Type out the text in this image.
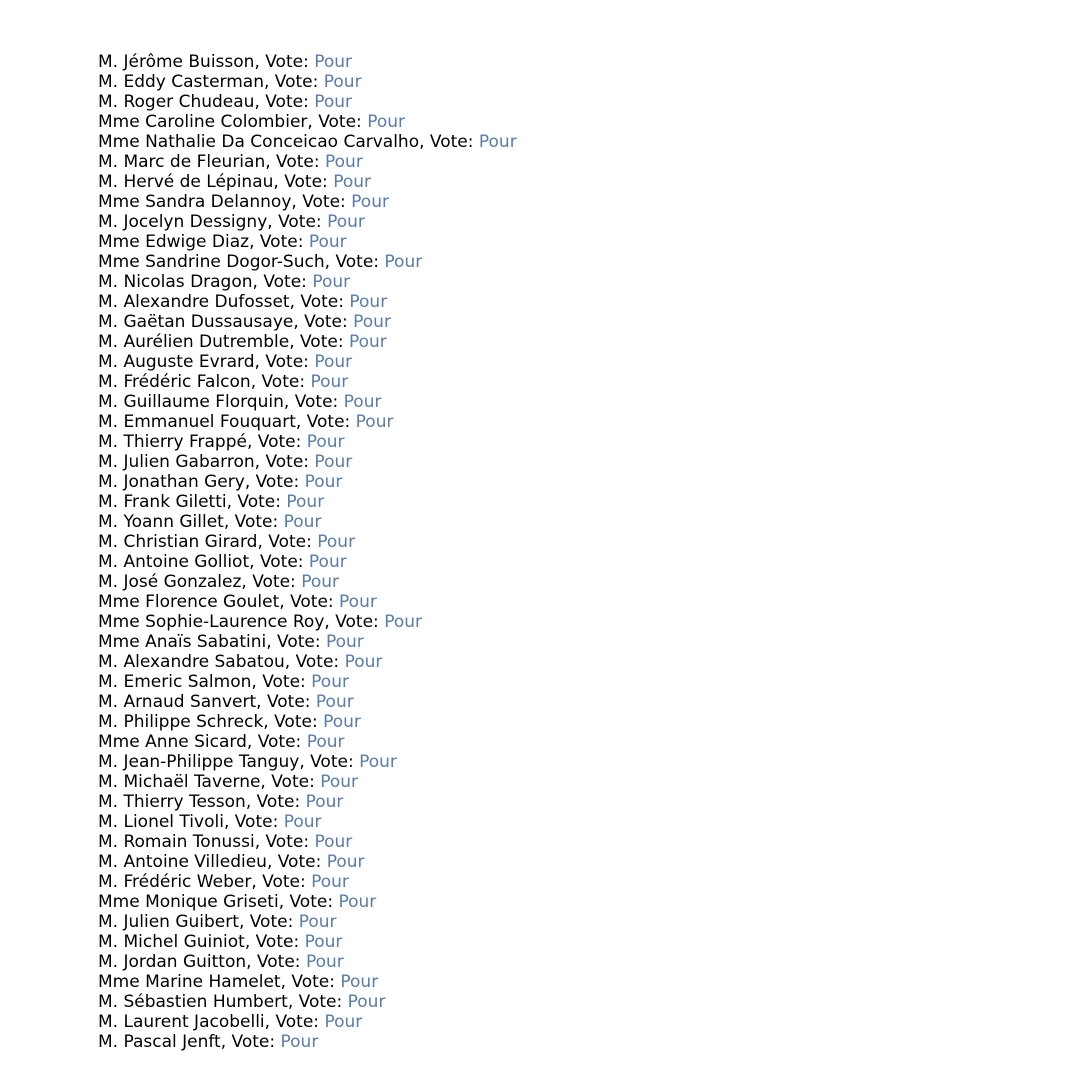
M. Jérôme Buisson, Vote: Pour
M. Eddy Casterman, Vote: Pour
M. Roger Chudeau, Vote: Pour
Mme Caroline Colombier, Vote: Pour
Mme Nathalie Da Conceicao Carvalho, Vote: Pour
M. Marc de Fleurian, Vote: Pour
M. Hervé de Lépinau, Vote: Pour
Mme Sandra Delannoy, Vote: Pour
M. Jocelyn Dessigny, Vote: Pour
Mme Edwige Diaz, Vote: Pour
Mme Sandrine Dogor-Such, Vote: Pour
M. Nicolas Dragon, Vote: Pour
M. Alexandre Dufosset, Vote: Pour
M. Gaëtan Dussausaye, Vote: Pour
M. Aurélien Dutremble, Vote: Pour
M. Auguste Evrard, Vote: Pour
M. Frédéric Falcon, Vote: Pour
M. Guillaume Florquin, Vote: Pour
M. Emmanuel Fouquart, Vote: Pour
M. Thierry Frappé, Vote: Pour
M. Julien Gabarron, Vote: Pour
M. Jonathan Gery, Vote: Pour
M. Frank Giletti, Vote: Pour
M. Yoann Gillet, Vote: Pour
M. Christian Girard, Vote: Pour
M. Antoine Golliot, Vote: Pour
M. José Gonzalez, Vote: Pour
Mme Florence Goulet, Vote: Pour
Mme Sophie-Laurence Roy, Vote: Pour
Mme Anaïs Sabatini, Vote: Pour
M. Alexandre Sabatou, Vote: Pour
M. Emeric Salmon, Vote: Pour
M. Arnaud Sanvert, Vote: Pour
M. Philippe Schreck, Vote: Pour
Mme Anne Sicard, Vote: Pour
M. Jean-Philippe Tanguy, Vote: Pour
M. Michaël Taverne, Vote: Pour
M. Thierry Tesson, Vote: Pour
M. Lionel Tivoli, Vote: Pour
M. Romain Tonussi, Vote: Pour
M. Antoine Villedieu, Vote: Pour
M. Frédéric Weber, Vote: Pour
Mme Monique Griseti, Vote: Pour
M. Julien Guibert, Vote: Pour
M. Michel Guiniot, Vote: Pour
M. Jordan Guitton, Vote: Pour
Mme Marine Hamelet, Vote: Pour
M. Sébastien Humbert, Vote: Pour
M. Laurent Jacobelli, Vote: Pour
M. Pascal Jenft, Vote: Pour
